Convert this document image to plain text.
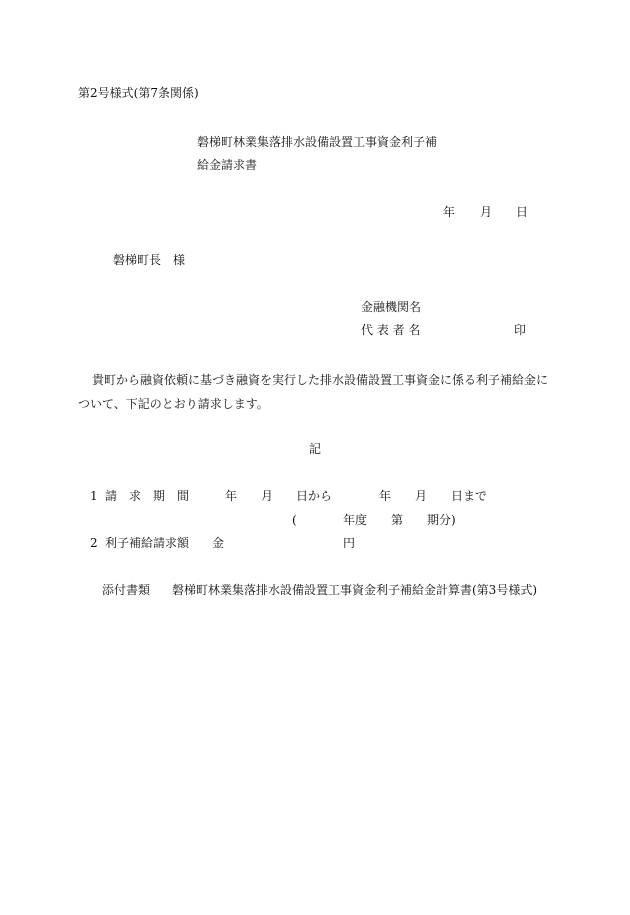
第2号様式(第7条関係)
磐梯町林業集落排水設備設置工事資金利子補
給金請求書
年 月 日
磐梯町長　様
金融機関名
代 表 者 名	印
貴町から融資依頼に基づき融資を実行した排水設備設置工事資金に係る利子補給金に
ついて、下記のとおり請求します。
記
1 請　求　期　間	年 月 日から	年 月 日まで
(	年度 第 期分)
2 利子補給請求額 金	円
添付書類 磐梯町林業集落排水設備設置工事資金利子補給金計算書(第3号様式)
